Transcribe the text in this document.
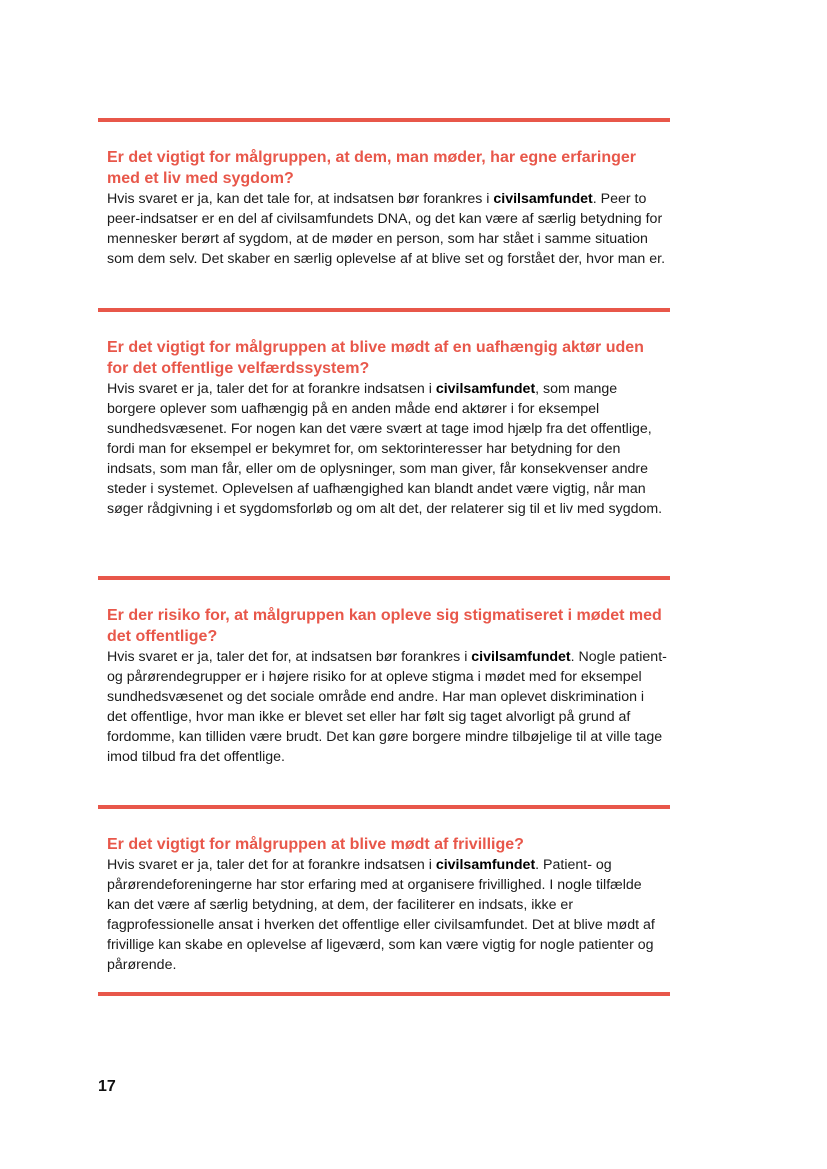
Er det vigtigt for målgruppen, at dem, man møder, har egne erfaringer med et liv med sygdom?

Hvis svaret er ja, kan det tale for, at indsatsen bør forankres i civilsamfundet. Peer to peer-indsatser er en del af civilsamfundets DNA, og det kan være af særlig betydning for mennesker berørt af sygdom, at de møder en person, som har stået i samme situation som dem selv. Det skaber en særlig oplevelse af at blive set og forstået der, hvor man er.

Er det vigtigt for målgruppen at blive mødt af en uafhængig aktør uden for det offentlige velfærdssystem?

Hvis svaret er ja, taler det for at forankre indsatsen i civilsamfundet, som mange borgere oplever som uafhængig på en anden måde end aktører i for eksempel sundhedsvæsenet. For nogen kan det være svært at tage imod hjælp fra det offentlige, fordi man for eksempel er bekymret for, om sektorinteresser har betydning for den indsats, som man får, eller om de oplysninger, som man giver, får konsekvenser andre steder i systemet. Oplevelsen af uafhængighed kan blandt andet være vigtig, når man søger rådgivning i et sygdomsforløb og om alt det, der relaterer sig til et liv med sygdom.

Er der risiko for, at målgruppen kan opleve sig stigmatiseret i mødet med det offentlige?

Hvis svaret er ja, taler det for, at indsatsen bør forankres i civilsamfundet. Nogle patient- og pårørendegrupper er i højere risiko for at opleve stigma i mødet med for eksempel sundhedsvæsenet og det sociale område end andre. Har man oplevet diskrimination i det offentlige, hvor man ikke er blevet set eller har følt sig taget alvorligt på grund af fordomme, kan tilliden være brudt. Det kan gøre borgere mindre tilbøjelige til at ville tage imod tilbud fra det offentlige.

Er det vigtigt for målgruppen at blive mødt af frivillige?

Hvis svaret er ja, taler det for at forankre indsatsen i civilsamfundet. Patient- og pårørendeforeningerne har stor erfaring med at organisere frivillighed. I nogle tilfælde kan det være af særlig betydning, at dem, der faciliterer en indsats, ikke er fagprofessionelle ansat i hverken det offentlige eller civilsamfundet. Det at blive mødt af frivillige kan skabe en oplevelse af ligeværd, som kan være vigtig for nogle patienter og pårørende.

17
